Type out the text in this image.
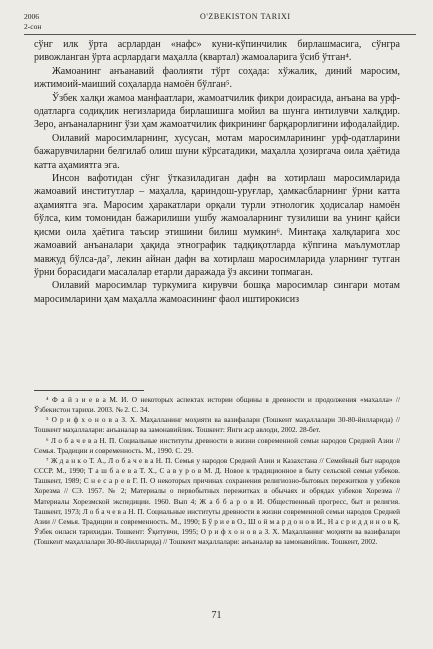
2006
2-сон
O'ZBEKISTON TARIXI

сўнг илк ўрта асрлардан «нафс» куни-кўпинчилик бирлашмасига, сўнгра ривожланган ўрта асрлардаги маҳалла (квартал) жамоаларига ўсиб ўтган⁴.

Жамоанинг анъанавий фаолияти тўрт соҳада: хўжалик, диний маросим, ижтимоий-маиший соҳаларда намоён бўлган⁵.

Ўзбек халқи жамоа манфаатлари, жамоатчилик фикри доирасида, анъана ва урф-одатларга содиқлик негизларида бирлашишга мойил ва шунга интилувчи халқдир. Зеро, анъаналарнинг ўзи ҳам жамоатчилик фикрининг барқарорлигини ифодалайдир.

Оилавий маросимларнинг, хусусан, мотам маросимларининг урф-одатларини бажарувчиларни белгилаб олиш шуни кўрсатадики, маҳалла ҳозиргача оила ҳаётида катта аҳамиятга эга.

Инсон вафотидан сўнг ўтказиладиган дафн ва хотирлаш маросимларида жамоавий институтлар – маҳалла, қариндош-уруғлар, ҳамкасбларнинг ўрни катта аҳамиятга эга. Маросим ҳаракатлари орқали турли этнологик ҳодисалар намоён бўлса, ким томонидан бажарилиши ушбу жамоаларнинг тузилиши ва унинг қайси қисми оила ҳаётига таъсир этишини билиш мумкин⁶. Минтақа халқларига хос жамоавий анъаналари ҳақида этнографик тадқиқотларда кўпгина маълумотлар мавжуд бўлса-да⁷, лекин айнан дафн ва хотирлаш маросимларида уларнинг тутган ўрни борасидаги масалалар етарли даражада ўз аксини топмаган.

Оилавий маросимлар туркумига кирувчи бошқа маросимлар сингари мотам маросимларини ҳам маҳалла жамоасининг фаол иштирокисиз

⁴ Ф а й з и е в а М. И. О некоторых аспектах истории общины в древности и продолжения «махалла» // Ўзбекистон тарихи. 2003. № 2. С. 34.

⁵ О р и ф х о н о в а З. Х. Маҳалланинг моҳияти ва вазифалари (Тошкент маҳаллалари 30-80-йилларида) // Тошкент маҳаллалари: анъаналар ва замонавийлик. Тошкент: Янги аср авлоди, 2002. 28-бет.

⁶ Л о б а ч е в а Н. П. Социальные институты древности в жизни современной семьи народов Средней Азии // Семья. Традиции и современность. М., 1990. С. 29.

⁷ Ж д а н к о Т. А., Л о б а ч е в а Н. П. Семья у народов Средней Азии и Казахстана // Семейный быт народов СССР. М., 1990; Т а ш б а е в а Т. Х., С а в у р о в М. Д. Новое к традиционное в быту сельской семьи узбеков. Ташкент, 1989; С н е с а р е в Г. П. О некоторых причинах сохранения религиозно-бытовых пережитков у узбеков Хорезма // СЭ. 1957. № 2; Материалы о первобытных пережитках в обычаях и обрядах узбеков Хорезма // Материалы Хорезмской экспедиции. 1960. Вып 4; Ж а б б а р о в И. Общественный прогресс, быт и религия. Ташкент, 1973; Л о б а ч е в а Н. П. Социальные институты древности в жизни современной семьи народов Средней Азии // Семья. Традиции и современность. М., 1990; Б ў р и е в О., Ш о й м а р д о н о в И., Н а с р и д д и н о в Қ. Ўзбек оиласи тарихидан. Тошкент: Ўқитувчи, 1995; О р и ф х о н о в а З. Х. Маҳалланинг моҳияти ва вазифалари (Тошкент маҳаллалари 30-80-йилларида) // Тошкент маҳаллалари: анъаналар ва замонавийлик. Тошкент, 2002.

71
